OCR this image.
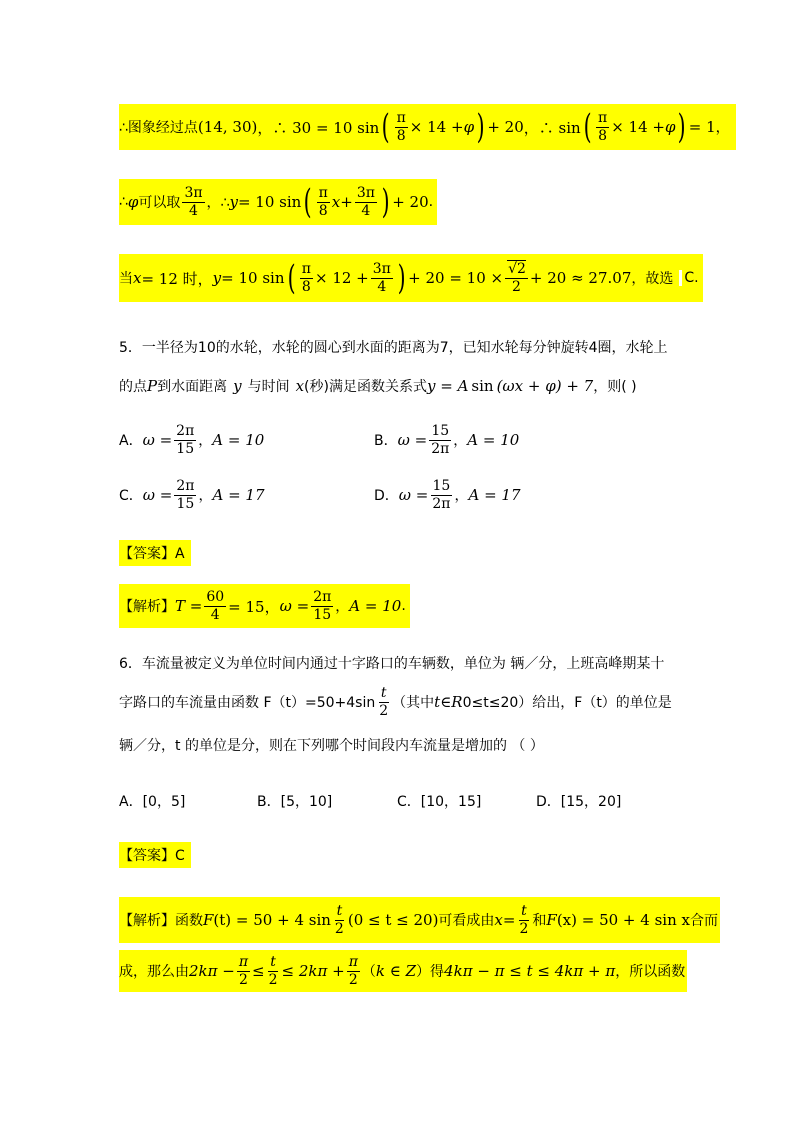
∴图象经过点 (14, 30) ，∴ 30 = 10 sin ( $\frac{\pi}{8} \times 14 + \varphi$ ) + 20 ，∴ sin ( $\frac{\pi}{8} \times 14 + \varphi$ ) = 1 ，
∴ φ 可以取 $\frac{3\pi}{4}$ ，∴ y = 10 sin ( $\frac{\pi}{8}$ $x + \frac{3\pi}{4}$ ) + 20 .
当 x = 12 时， y = 10 sin ( $\frac{\pi}{8} \times 12 + \frac{3\pi}{4}$ ) + $20 = 10 \times \frac{√2}{2} + 20 \approx 27.07$ ，故选 C.
5．一半径为10的水轮，水轮的圆心到水面的距离为7，已知水轮每分钟旋转4圈，水轮上
的点 P 到水面距离 y 与时间 x (秒)满足函数关系式 y = A sin (ωx + φ) + 7 ，则( )
A． $\omega = \frac{2\pi}{15}$ ， A = 10	B． $\omega = \frac{15}{2\pi}$ ， A = 10
C． $\omega = \frac{2\pi}{15}$ ， A = 17	D． $\omega = \frac{15}{2\pi}$ ， A = 17
【答案】A
【解析】 $T = \frac{60}{4} = 15$， $\omega = \frac{2\pi}{15}$ ， A = 10 .
6．车流量被定义为单位时间内通过十字路口的车辆数，单位为 辆／分，上班高峰期某十
字路口的车流量由函数 $F(t)=50+4\sin \frac{t}{2}$ （其中 t ∈ R 0≤t≤20）给出，F（t）的单位是
辆／分，t 的单位是分，则在下列哪个时间段内车流量是增加的 （ ）
A．[0，5]	B．[5，10]	C．[10，15]	D．[15，20]
【答案】C
【解析】 函数 F (t) = 50 + 4 $\sin \frac{t}{2} (0 \le t \le 20)$ 可看成由 $x = \frac{t}{2}$ 和 F (x) = 50 + 4 sin x 合而
成，那么由 $2k\pi - \frac{\pi}{2} \le \frac{t}{2} \le 2k\pi + \frac{\pi}{2}$ （ k ∈ Z ）得 4kπ − π ≤ t ≤ 4kπ + π ，所以函数
